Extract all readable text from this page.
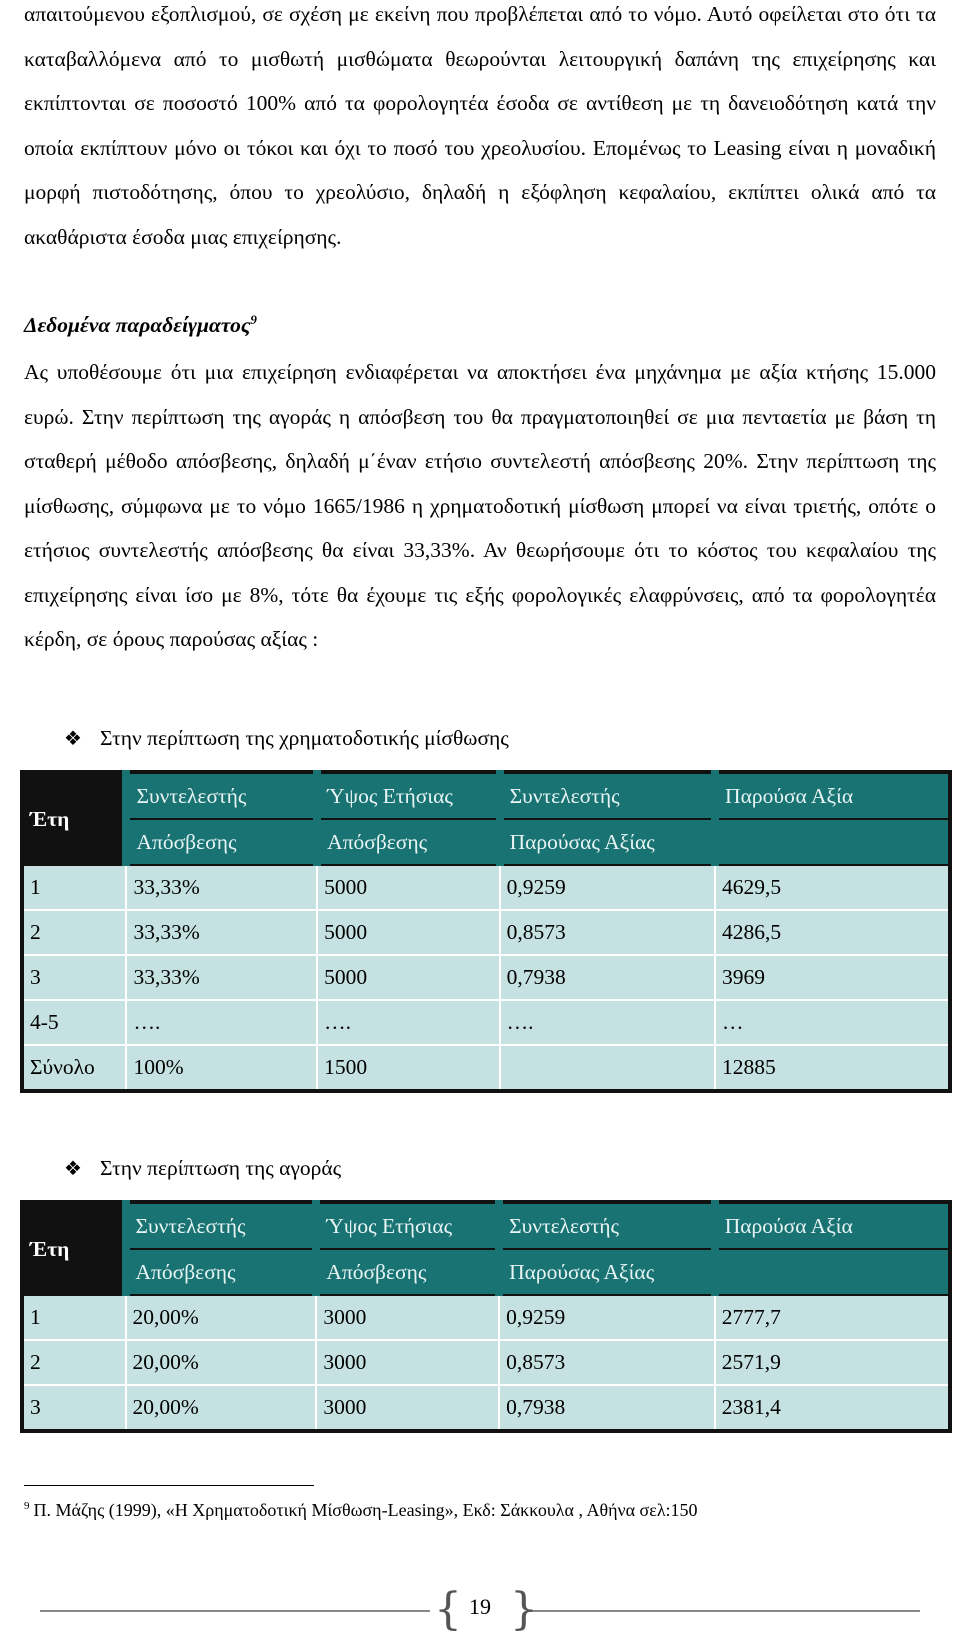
απαιτούμενου εξοπλισμού, σε σχέση με εκείνη που προβλέπεται από το νόμο. Αυτό οφείλεται στο ότι τα καταβαλλόμενα από το μισθωτή μισθώματα θεωρούνται λειτουργική δαπάνη της επιχείρησης και εκπίπτονται σε ποσοστό 100% από τα φορολογητέα έσοδα σε αντίθεση με τη δανειοδότηση κατά την οποία εκπίπτουν μόνο οι τόκοι και όχι το ποσό του χρεολυσίου. Επομένως το Leasing είναι η μοναδική μορφή πιστοδότησης, όπου το χρεολύσιο, δηλαδή η εξόφληση κεφαλαίου, εκπίπτει ολικά από τα ακαθάριστα έσοδα μιας επιχείρησης.

Δεδομένα παραδείγματος$^9$

Ας υποθέσουμε ότι μια επιχείρηση ενδιαφέρεται να αποκτήσει ένα μηχάνημα με αξία κτήσης 15.000 ευρώ. Στην περίπτωση της αγοράς η απόσβεση του θα πραγματοποιηθεί σε μια πενταετία με βάση τη σταθερή μέθοδο απόσβεσης, δηλαδή μ΄έναν ετήσιο συντελεστή απόσβεσης 20%. Στην περίπτωση της μίσθωσης, σύμφωνα με το νόμο 1665/1986 η χρηματοδοτική μίσθωση μπορεί να είναι τριετής, οπότε ο ετήσιος συντελεστής απόσβεσης θα είναι 33,33%. Αν θεωρήσουμε ότι το κόστος του κεφαλαίου της επιχείρησης είναι ίσο με 8%, τότε θα έχουμε τις εξής φορολογικές ελαφρύνσεις, από τα φορολογητέα κέρδη, σε όρους παρούσας αξίας :

❖ Στην περίπτωση της χρηματοδοτικής μίσθωσης
Έτη	Συντελεστής	Ύψος Ετήσιας	Συντελεστής	Παρούσα Αξία
	Απόσβεσης	Απόσβεσης	Παρούσας Αξίας	
1	33,33%	5000	0,9259	4629,5
2	33,33%	5000	0,8573	4286,5
3	33,33%	5000	0,7938	3969
4-5	….	….	….	…
Σύνολο	100%	1500		12885
❖ Στην περίπτωση της αγοράς
Έτη	Συντελεστής	Ύψος Ετήσιας	Συντελεστής	Παρούσα Αξία
	Απόσβεσης	Απόσβεσης	Παρούσας Αξίας	
1	20,00%	3000	0,9259	2777,7
2	20,00%	3000	0,8573	2571,9
3	20,00%	3000	0,7938	2381,4
$^9$ Π. Μάζης (1999), «Η Χρηματοδοτική Μίσθωση-Leasing», Εκδ: Σάκκουλα , Αθήνα σελ:150
{ 19 }
